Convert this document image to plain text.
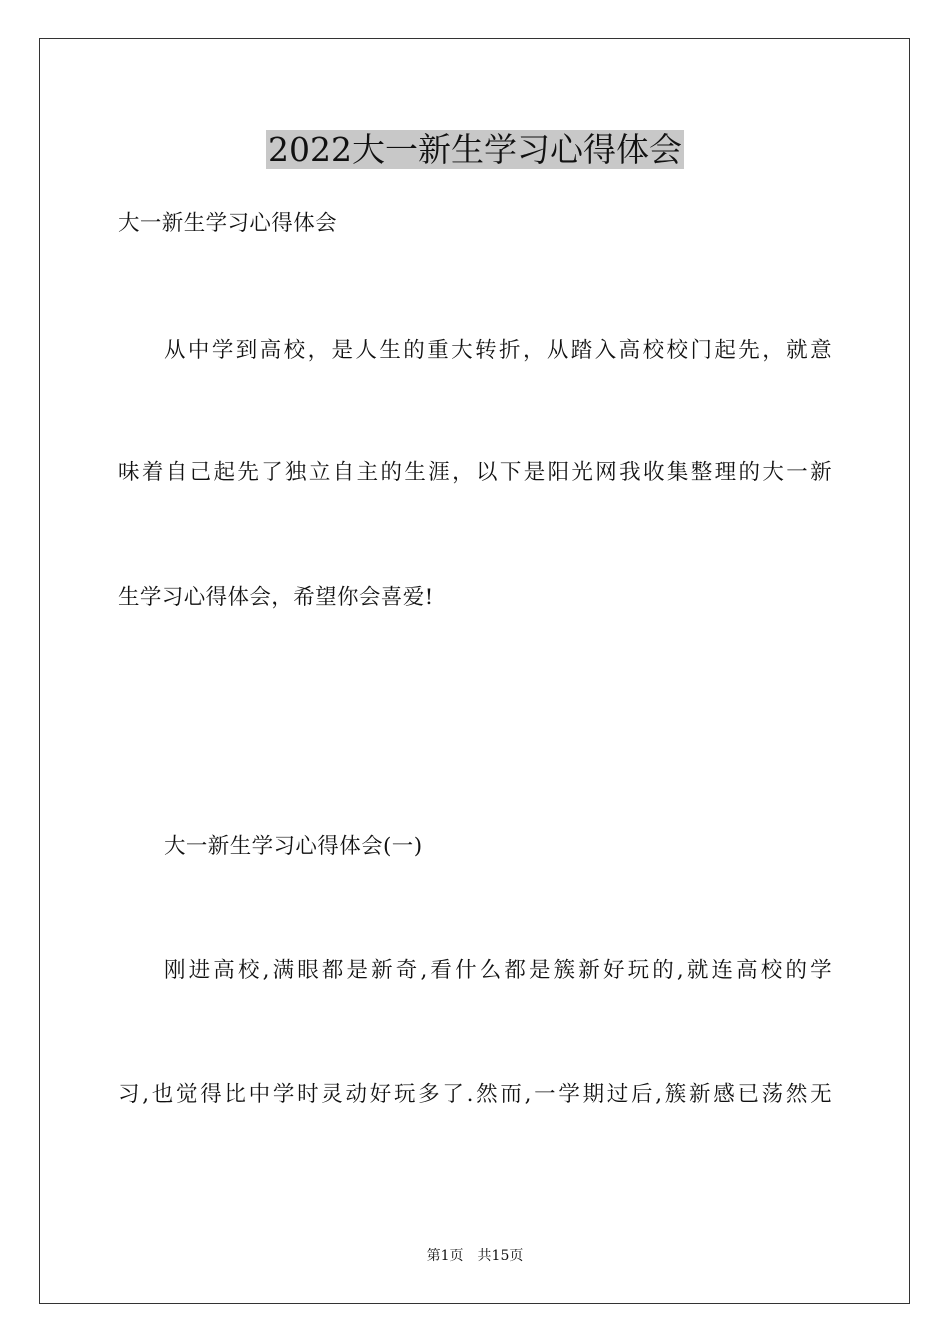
2022大一新生学习心得体会

大一新生学习心得体会

从中学到高校，是人生的重大转折，从踏入高校校门起先，就意

味着自己起先了独立自主的生涯，以下是阳光网我收集整理的大一新

生学习心得体会，希望你会喜爱!

大一新生学习心得体会(一)

刚进高校,满眼都是新奇,看什么都是簇新好玩的,就连高校的学

习,也觉得比中学时灵动好玩多了.然而,一学期过后,簇新感已荡然无

第1页 共15页
